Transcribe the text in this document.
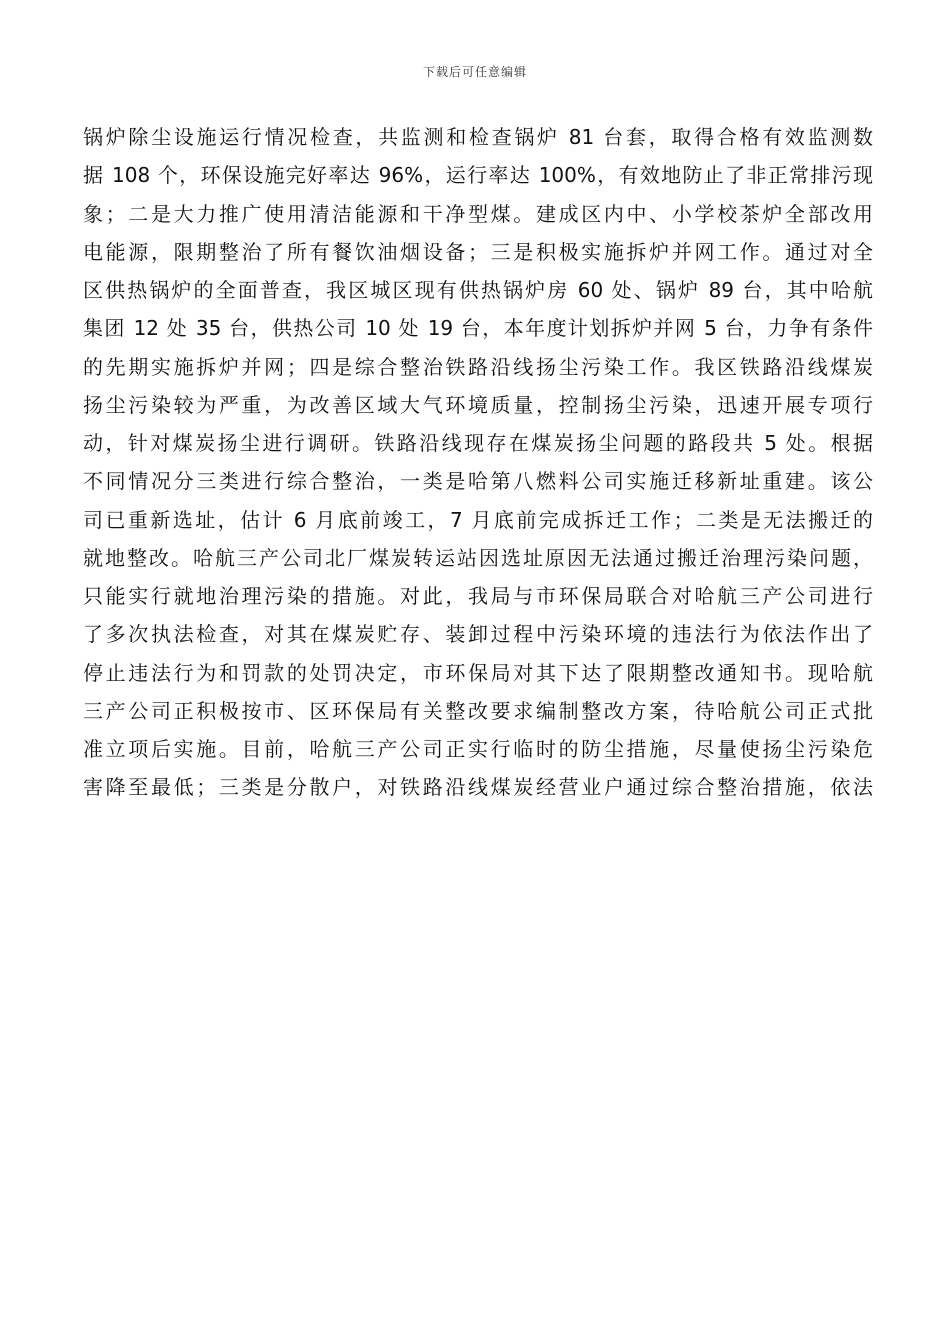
下载后可任意编辑

锅炉除尘设施运行情况检查，共监测和检查锅炉 81 台套，取得合格有效监测数

据 108 个，环保设施完好率达 96%，运行率达 100%，有效地防止了非正常排污现

象；二是大力推广使用清洁能源和干净型煤。建成区内中、小学校茶炉全部改用

电能源，限期整治了所有餐饮油烟设备；三是积极实施拆炉并网工作。通过对全

区供热锅炉的全面普查，我区城区现有供热锅炉房 60 处、锅炉 89 台，其中哈航

集团 12 处 35 台，供热公司 10 处 19 台，本年度计划拆炉并网 5 台，力争有条件

的先期实施拆炉并网；四是综合整治铁路沿线扬尘污染工作。我区铁路沿线煤炭

扬尘污染较为严重，为改善区域大气环境质量，控制扬尘污染，迅速开展专项行

动，针对煤炭扬尘进行调研。铁路沿线现存在煤炭扬尘问题的路段共 5 处。根据

不同情况分三类进行综合整治，一类是哈第八燃料公司实施迁移新址重建。该公

司已重新选址，估计 6 月底前竣工，7 月底前完成拆迁工作；二类是无法搬迁的

就地整改。哈航三产公司北厂煤炭转运站因选址原因无法通过搬迁治理污染问题，

只能实行就地治理污染的措施。对此，我局与市环保局联合对哈航三产公司进行

了多次执法检查，对其在煤炭贮存、装卸过程中污染环境的违法行为依法作出了

停止违法行为和罚款的处罚决定，市环保局对其下达了限期整改通知书。现哈航

三产公司正积极按市、区环保局有关整改要求编制整改方案，待哈航公司正式批

准立项后实施。目前，哈航三产公司正实行临时的防尘措施，尽量使扬尘污染危

害降至最低；三类是分散户，对铁路沿线煤炭经营业户通过综合整治措施，依法
